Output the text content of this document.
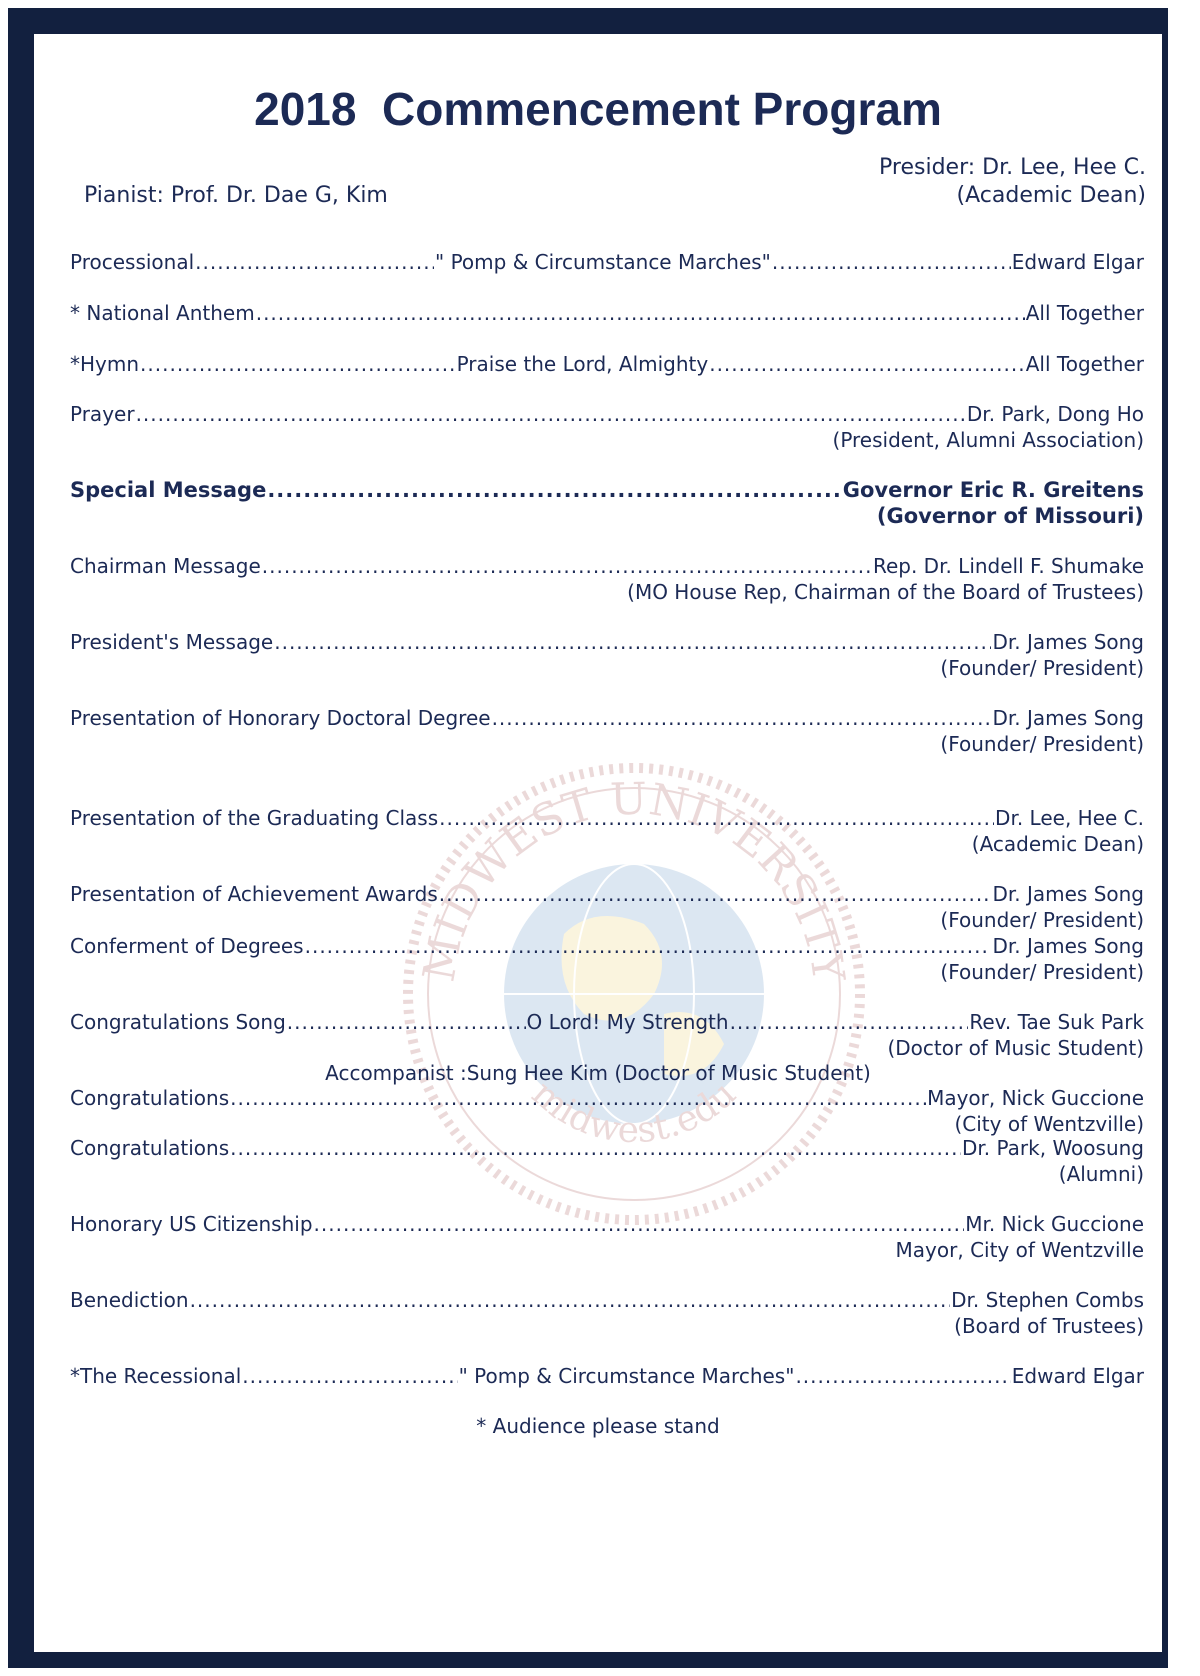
2018  Commencement Program
Presider: Dr. Lee, Hee C.
(Academic Dean)
Pianist: Prof. Dr. Dae G, Kim
MIDWEST UNIVERSITY
midwest.edu
Processional .....	" Pomp & Circumstance Marches" .....	Edward Elgar
* National Anthem .....	All Together
*Hymn .....	Praise the Lord, Almighty .....	All Together
Prayer .....	Dr. Park, Dong Ho
(President, Alumni Association)
Special Message .....	Governor Eric R. Greitens
(Governor of Missouri)
Chairman Message .....	Rep. Dr. Lindell F. Shumake
(MO House Rep, Chairman of the Board of Trustees)
President's Message .....	Dr. James Song
(Founder/ President)
Presentation of Honorary Doctoral Degree .....	Dr. James Song
(Founder/ President)
Presentation of the Graduating Class .....	Dr. Lee, Hee C.
(Academic Dean)
Presentation of Achievement Awards .....	Dr. James Song
(Founder/ President)
Conferment of Degrees .....	Dr. James Song
(Founder/ President)
Congratulations Song .....	O Lord! My Strength .....	Rev. Tae Suk Park
(Doctor of Music Student)
Accompanist :Sung Hee Kim (Doctor of Music Student)
Congratulations .....	Mayor, Nick Guccione
(City of Wentzville)
Congratulations .....	Dr. Park, Woosung
(Alumni)
Honorary US Citizenship .....	Mr. Nick Guccione
Mayor, City of Wentzville
Benediction .....	Dr. Stephen Combs
(Board of Trustees)
*The Recessional .....	" Pomp & Circumstance Marches" .....	Edward Elgar
* Audience please stand
